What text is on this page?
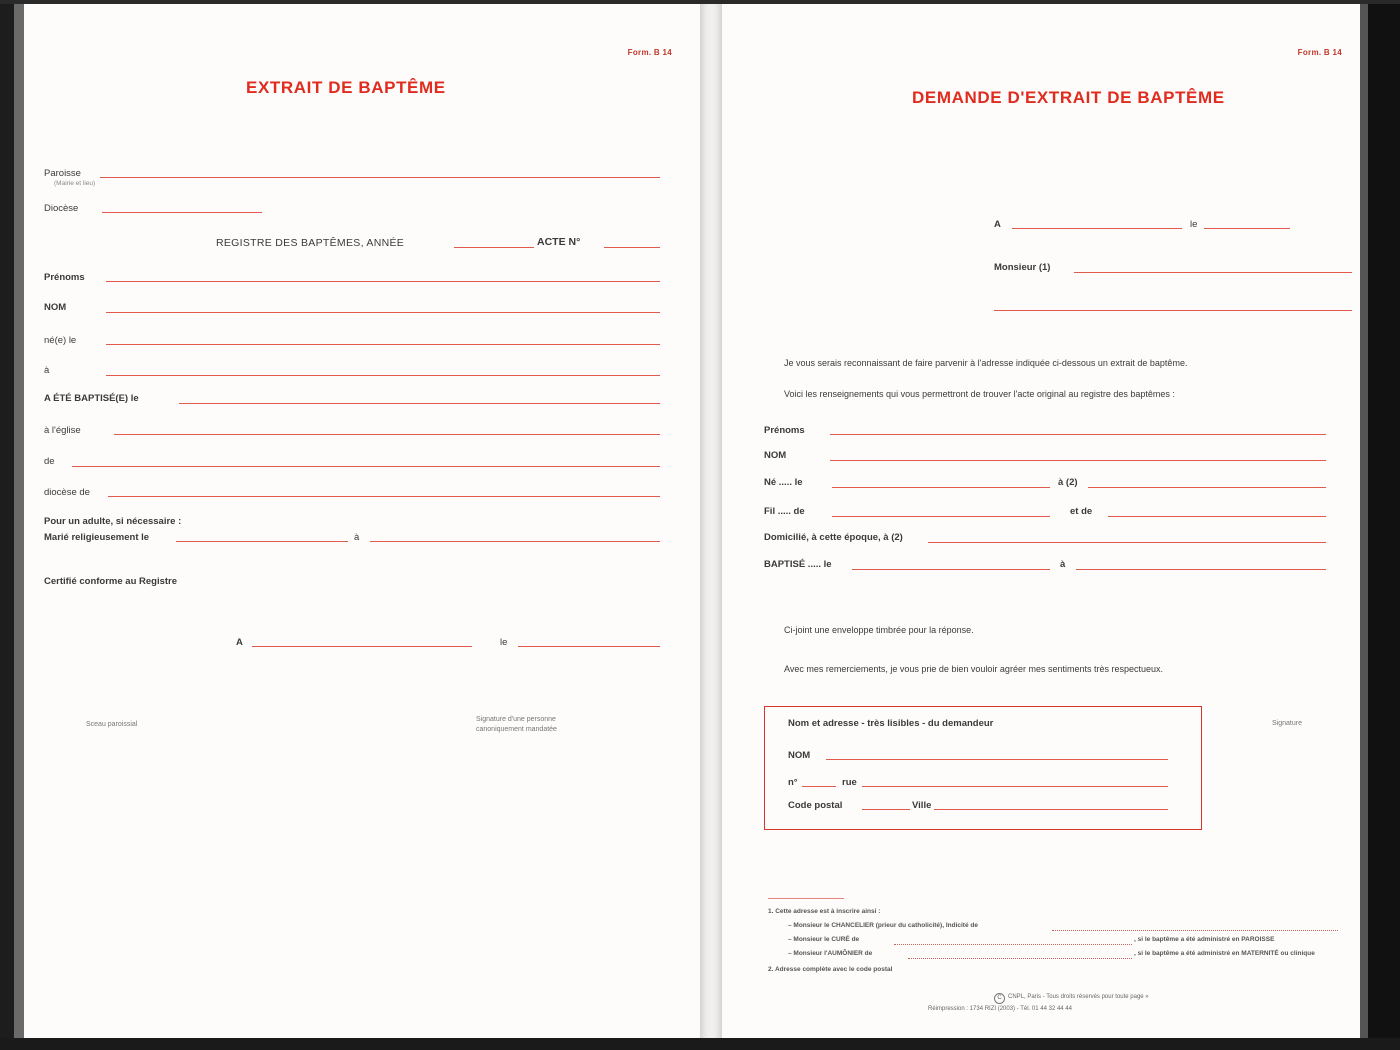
Form. B 14
EXTRAIT DE BAPTÊME
Paroisse
(Mairie et lieu)
Diocèse
REGISTRE DES BAPTÊMES, ANNÉE	ACTE N°
Prénoms
NOM
né(e) le
à
A ÉTÉ BAPTISÉ(E) le
à l'église
de
diocèse de
Pour un adulte, si nécessaire :
Marié religieusement le	à
Certifié conforme au Registre
A	le
Sceau paroissial
Signature d'une personne
canoniquement mandatée
Form. B 14
DEMANDE D'EXTRAIT DE BAPTÊME
A	le
Monsieur (1)
Je vous serais reconnaissant de faire parvenir à l'adresse indiquée ci-dessous un extrait de baptême.
Voici les renseignements qui vous permettront de trouver l'acte original au registre des baptêmes :
Prénoms
NOM
Né ..... le	à (2)
Fil ..... de	et de
Domicilié, à cette époque, à (2)
BAPTISÉ ..... le	à
Ci-joint une enveloppe timbrée pour la réponse.
Avec mes remerciements, je vous prie de bien vouloir agréer mes sentiments très respectueux.
Nom et adresse - très lisibles - du demandeur
NOM
n°	rue
Code postal	Ville
Signature
1. Cette adresse est à inscrire ainsi :
– Monsieur le CHANCELIER (prieur du catholicité), Indicité de
– Monsieur le CURÉ de	, si le baptême a été administré en PAROISSE
– Monsieur l'AUMÔNIER de	, si le baptême a été administré en MATERNITÉ ou clinique
2. Adresse complète avec le code postal
C	CNPL, Paris - Tous droits réservés pour toute page »
Réimpression : 1734 RIZI (2003) - Tél. 01 44 32 44 44
